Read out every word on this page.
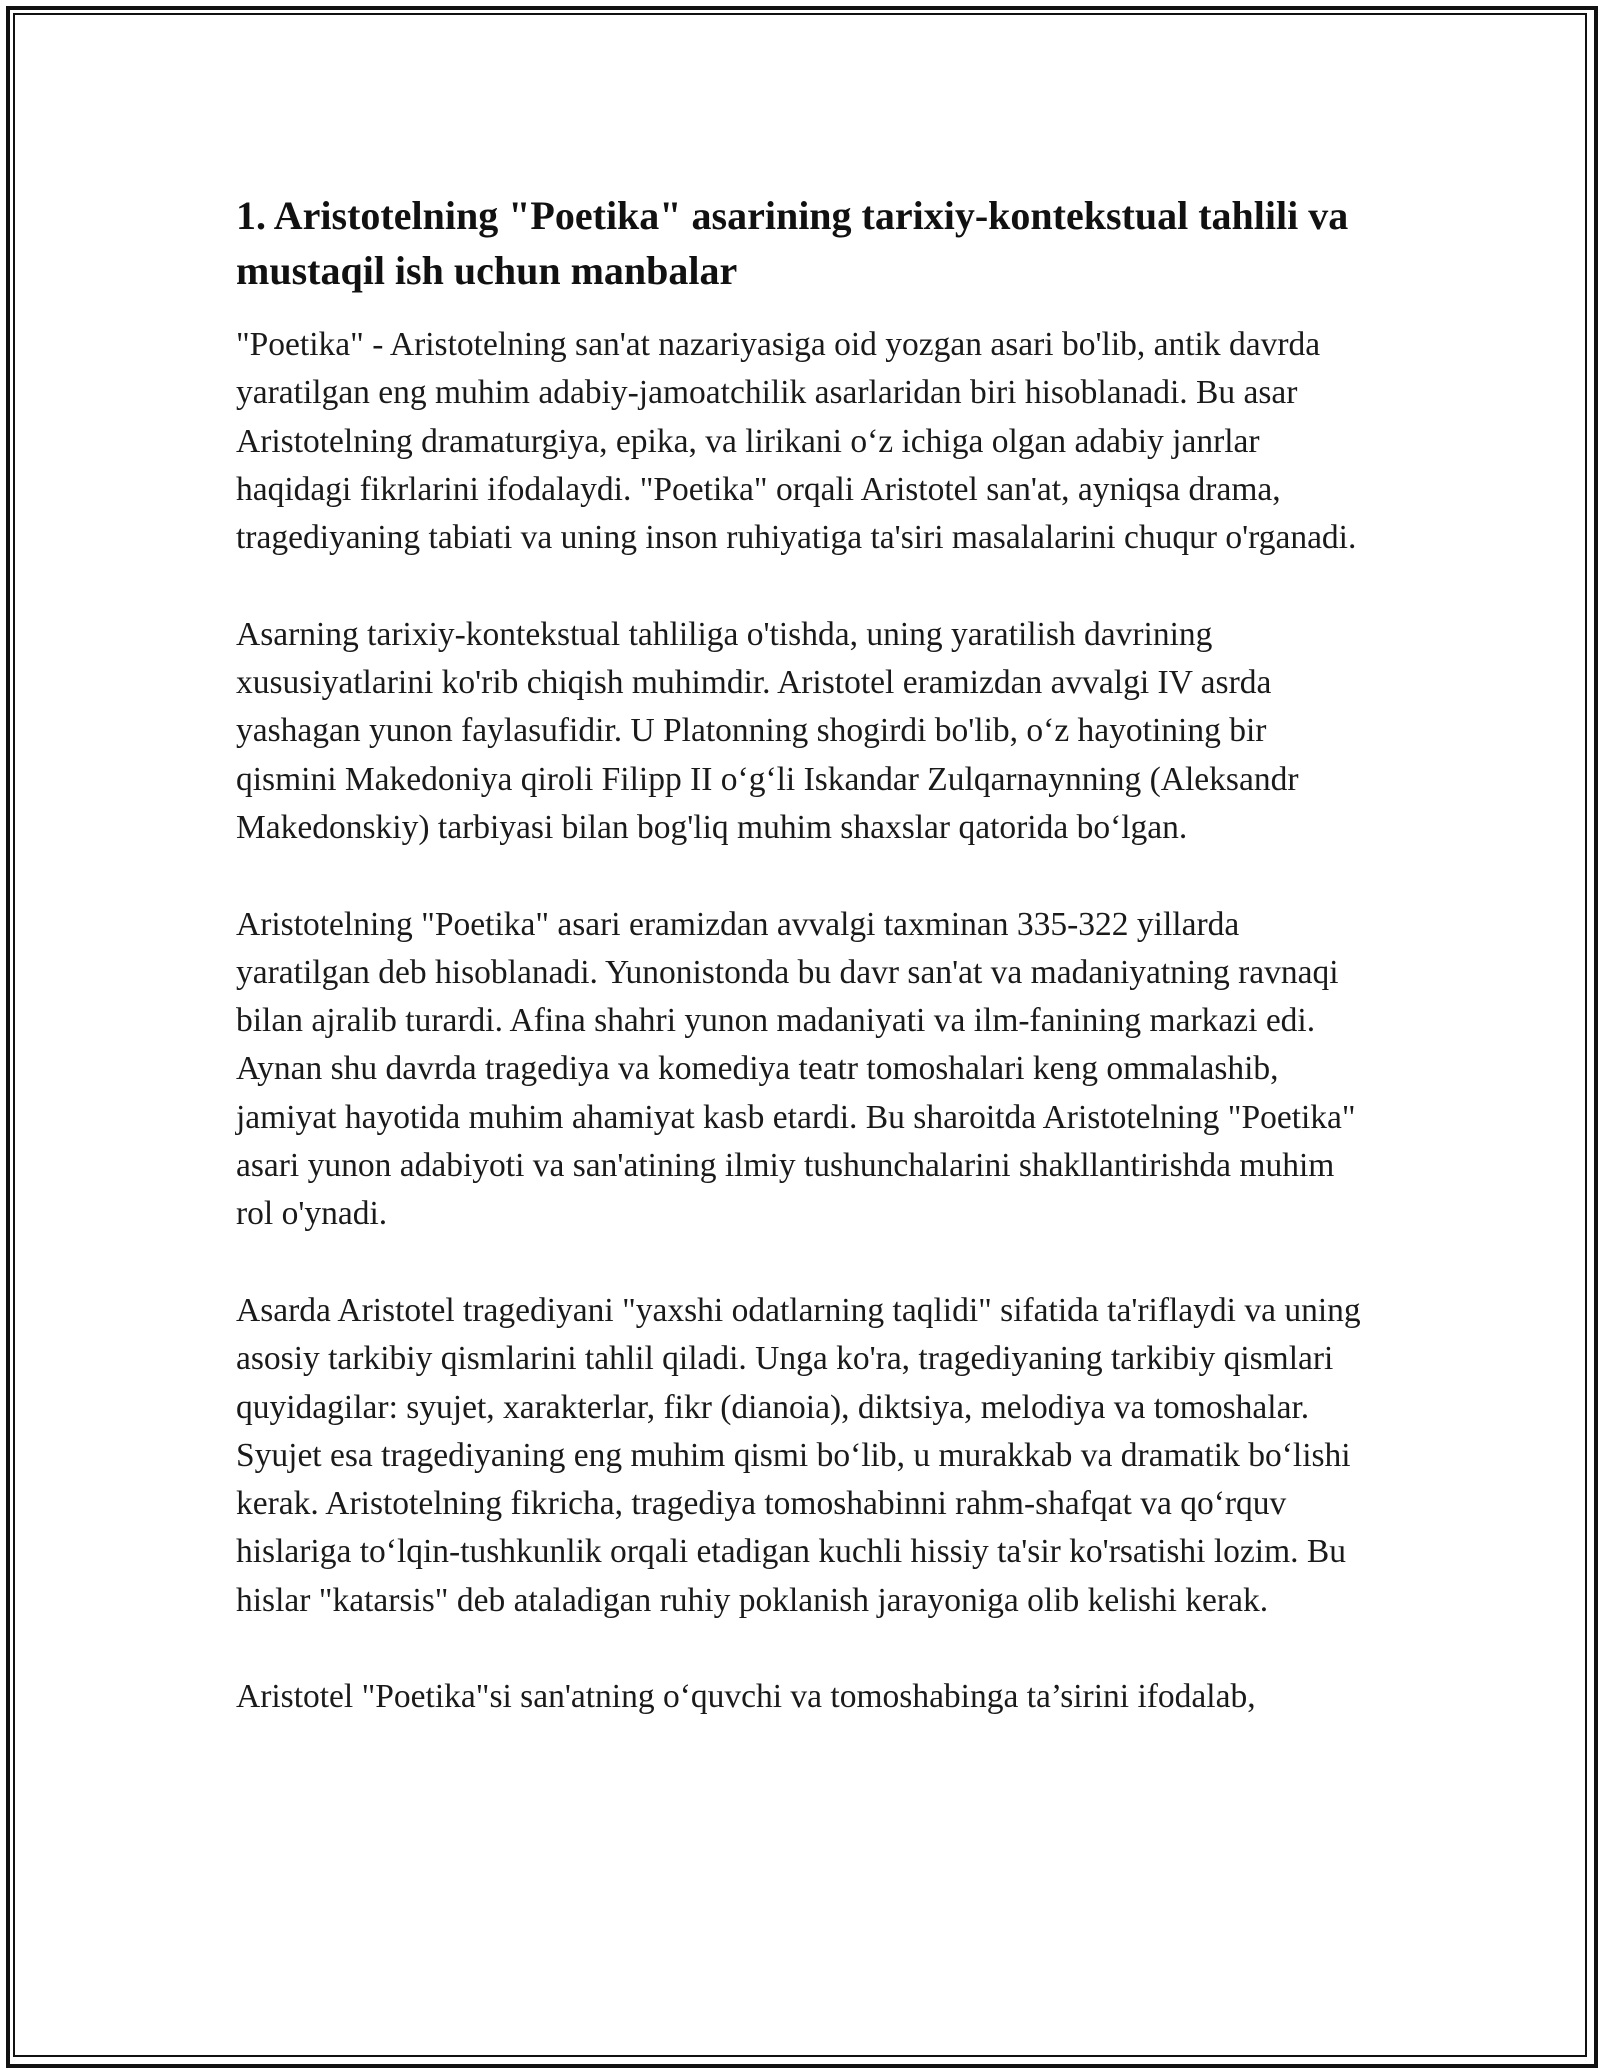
1. Aristotelning "Poetika" asarining tarixiy-kontekstual tahlili va mustaqil ish uchun manbalar

"Poetika" - Aristotelning san'at nazariyasiga oid yozgan asari bo'lib, antik davrda yaratilgan eng muhim adabiy-jamoatchilik asarlaridan biri hisoblanadi. Bu asar Aristotelning dramaturgiya, epika, va lirikani o‘z ichiga olgan adabiy janrlar haqidagi fikrlarini ifodalaydi. "Poetika" orqali Aristotel san'at, ayniqsa drama, tragediyaning tabiati va uning inson ruhiyatiga ta'siri masalalarini chuqur o'rganadi.

Asarning tarixiy-kontekstual tahliliga o'tishda, uning yaratilish davrining xususiyatlarini ko'rib chiqish muhimdir. Aristotel eramizdan avvalgi IV asrda yashagan yunon faylasufidir. U Platonning shogirdi bo'lib, o‘z hayotining bir qismini Makedoniya qiroli Filipp II o‘g‘li Iskandar Zulqarnaynning (Aleksandr Makedonskiy) tarbiyasi bilan bog'liq muhim shaxslar qatorida bo‘lgan.

Aristotelning "Poetika" asari eramizdan avvalgi taxminan 335-322 yillarda yaratilgan deb hisoblanadi. Yunonistonda bu davr san'at va madaniyatning ravnaqi bilan ajralib turardi. Afina shahri yunon madaniyati va ilm-fanining markazi edi. Aynan shu davrda tragediya va komediya teatr tomoshalari keng ommalashib, jamiyat hayotida muhim ahamiyat kasb etardi. Bu sharoitda Aristotelning "Poetika" asari yunon adabiyoti va san'atining ilmiy tushunchalarini shakllantirishda muhim rol o'ynadi.

Asarda Aristotel tragediyani "yaxshi odatlarning taqlidi" sifatida ta'riflaydi va uning asosiy tarkibiy qismlarini tahlil qiladi. Unga ko'ra, tragediyaning tarkibiy qismlari quyidagilar: syujet, xarakterlar, fikr (dianoia), diktsiya, melodiya va tomoshalar. Syujet esa tragediyaning eng muhim qismi bo‘lib, u murakkab va dramatik bo‘lishi kerak. Aristotelning fikricha, tragediya tomoshabinni rahm-shafqat va qo‘rquv hislariga to‘lqin-tushkunlik orqali etadigan kuchli hissiy ta'sir ko'rsatishi lozim. Bu hislar "katarsis" deb ataladigan ruhiy poklanish jarayoniga olib kelishi kerak.

Aristotel "Poetika"si san'atning o‘quvchi va tomoshabinga ta’sirini ifodalab,
